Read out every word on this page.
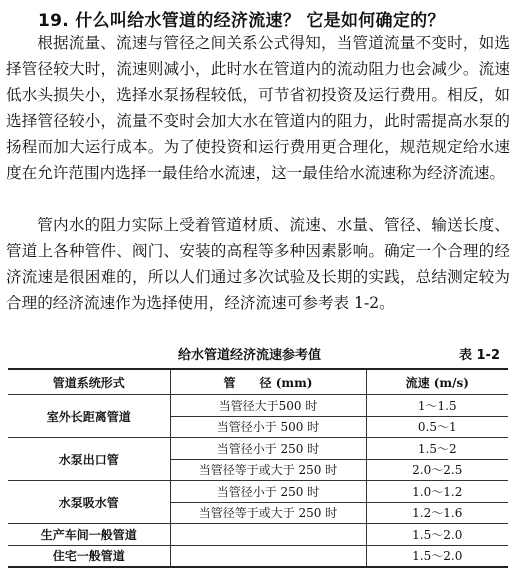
19. 什么叫给水管道的经济流速？ 它是如何确定的？
根据流量、流速与管径之间关系公式得知，当管道流量不变时，如选择管径较大时，流速则减小，此时水在管道内的流动阻力也会减少。流速低水头损失小，选择水泵扬程较低，可节省初投资及运行费用。相反，如选择管径较小，流量不变时会加大水在管道内的阻力，此时需提高水泵的扬程而加大运行成本。为了使投资和运行费用更合理化，规范规定给水速度在允许范围内选择一最佳给水流速，这一最佳给水流速称为经济流速。
管内水的阻力实际上受着管道材质、流速、水量、管径、输送长度、管道上各种管件、阀门、安装的高程等多种因素影响。确定一个合理的经济流速是很困难的，所以人们通过多次试验及长期的实践，总结测定较为合理的经济流速作为选择使用，经济流速可参考表 1-2。
给水管道经济流速参考值	表 1-2
管道系统形式	管　　径 (mm)	流速 (m/s)
室外长距离管道	当管径大于500 时	1～1.5
	当管径小于 500 时	0.5～1
水泵出口管	当管径小于 250 时	1.5～2
	当管径等于或大于 250 时	2.0～2.5
水泵吸水管	当管径小于 250 时	1.0～1.2
	当管径等于或大于 250 时	1.2～1.6
生产车间一般管道		1.5～2.0
住宅一般管道		1.5～2.0
